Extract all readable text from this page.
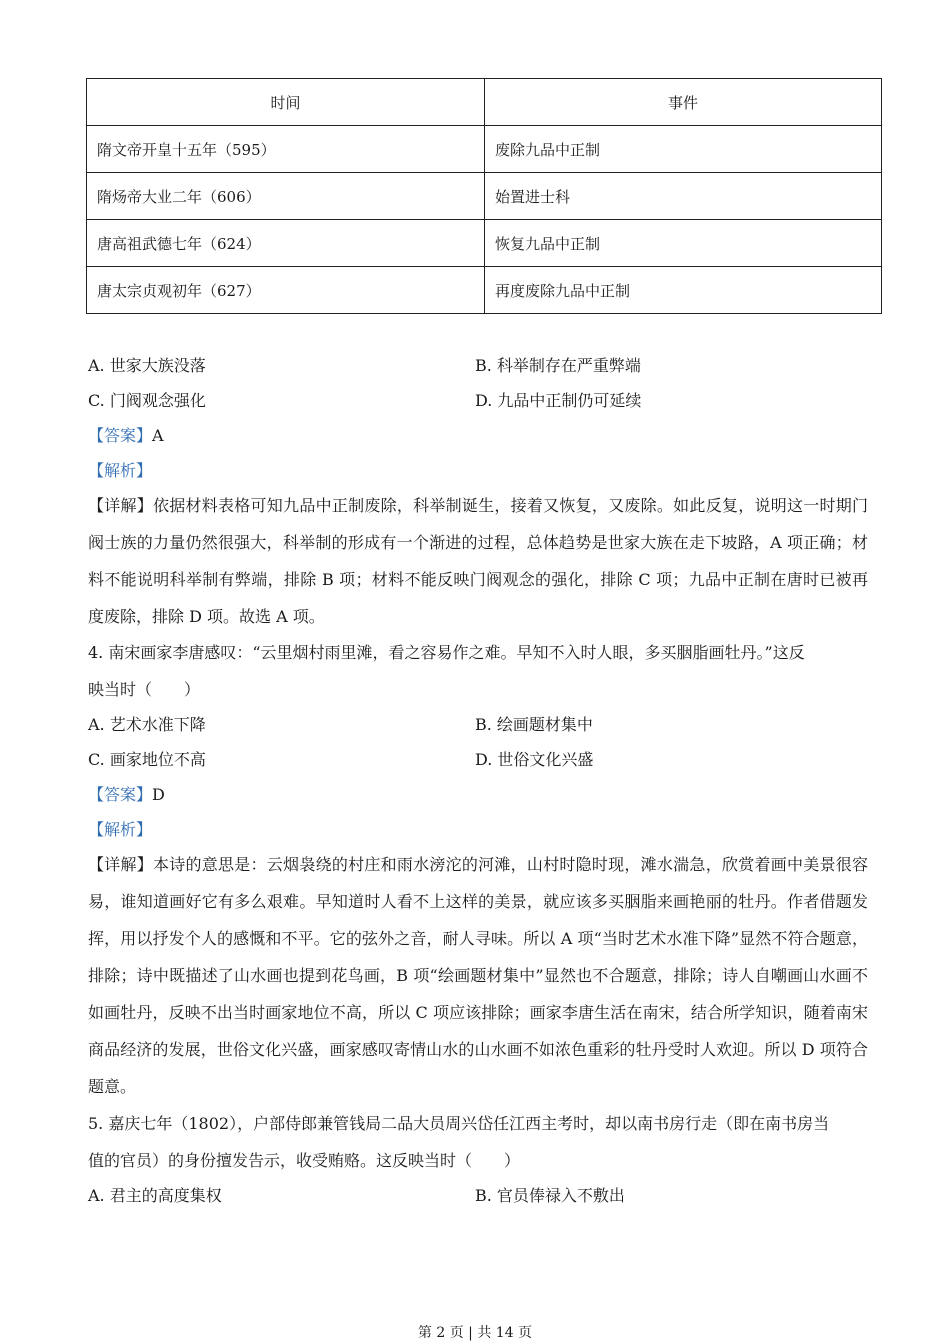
时间	事件
隋文帝开皇十五年（595）	废除九品中正制
隋炀帝大业二年（606）	始置进士科
唐高祖武德七年（624）	恢复九品中正制
唐太宗贞观初年（627）	再度废除九品中正制
A. 世家大族没落	B. 科举制存在严重弊端
C. 门阀观念强化	D. 九品中正制仍可延续
【答案】A
【解析】
【详解】依据材料表格可知九品中正制废除，科举制诞生，接着又恢复，又废除。如此反复，说明这一时期门阀士族的力量仍然很强大，科举制的形成有一个渐进的过程，总体趋势是世家大族在走下坡路，A 项正确；材料不能说明科举制有弊端，排除 B 项；材料不能反映门阀观念的强化，排除 C 项；九品中正制在唐时已被再度废除，排除 D 项。故选 A 项。
4. 南宋画家李唐感叹：“云里烟村雨里滩，看之容易作之难。早知不入时人眼，多买胭脂画牡丹。”这反
映当时（　　）
A. 艺术水准下降	B. 绘画题材集中
C. 画家地位不高	D. 世俗文化兴盛
【答案】D
【解析】
【详解】本诗的意思是：云烟袅绕的村庄和雨水滂沱的河滩，山村时隐时现，滩水湍急，欣赏着画中美景很容易，谁知道画好它有多么艰难。早知道时人看不上这样的美景，就应该多买胭脂来画艳丽的牡丹。作者借题发挥，用以抒发个人的感慨和不平。它的弦外之音，耐人寻味。所以 A 项“当时艺术水准下降”显然不符合题意，排除；诗中既描述了山水画也提到花鸟画，B 项“绘画题材集中”显然也不合题意，排除；诗人自嘲画山水画不如画牡丹，反映不出当时画家地位不高，所以 C 项应该排除；画家李唐生活在南宋，结合所学知识，随着南宋商品经济的发展，世俗文化兴盛，画家感叹寄情山水的山水画不如浓色重彩的牡丹受时人欢迎。所以 D 项符合题意。
5. 嘉庆七年（1802），户部侍郎兼管钱局二品大员周兴岱任江西主考时，却以南书房行走（即在南书房当
值的官员）的身份擅发告示，收受贿赂。这反映当时（　　）
A. 君主的高度集权	B. 官员俸禄入不敷出
第 2 页 | 共 14 页
